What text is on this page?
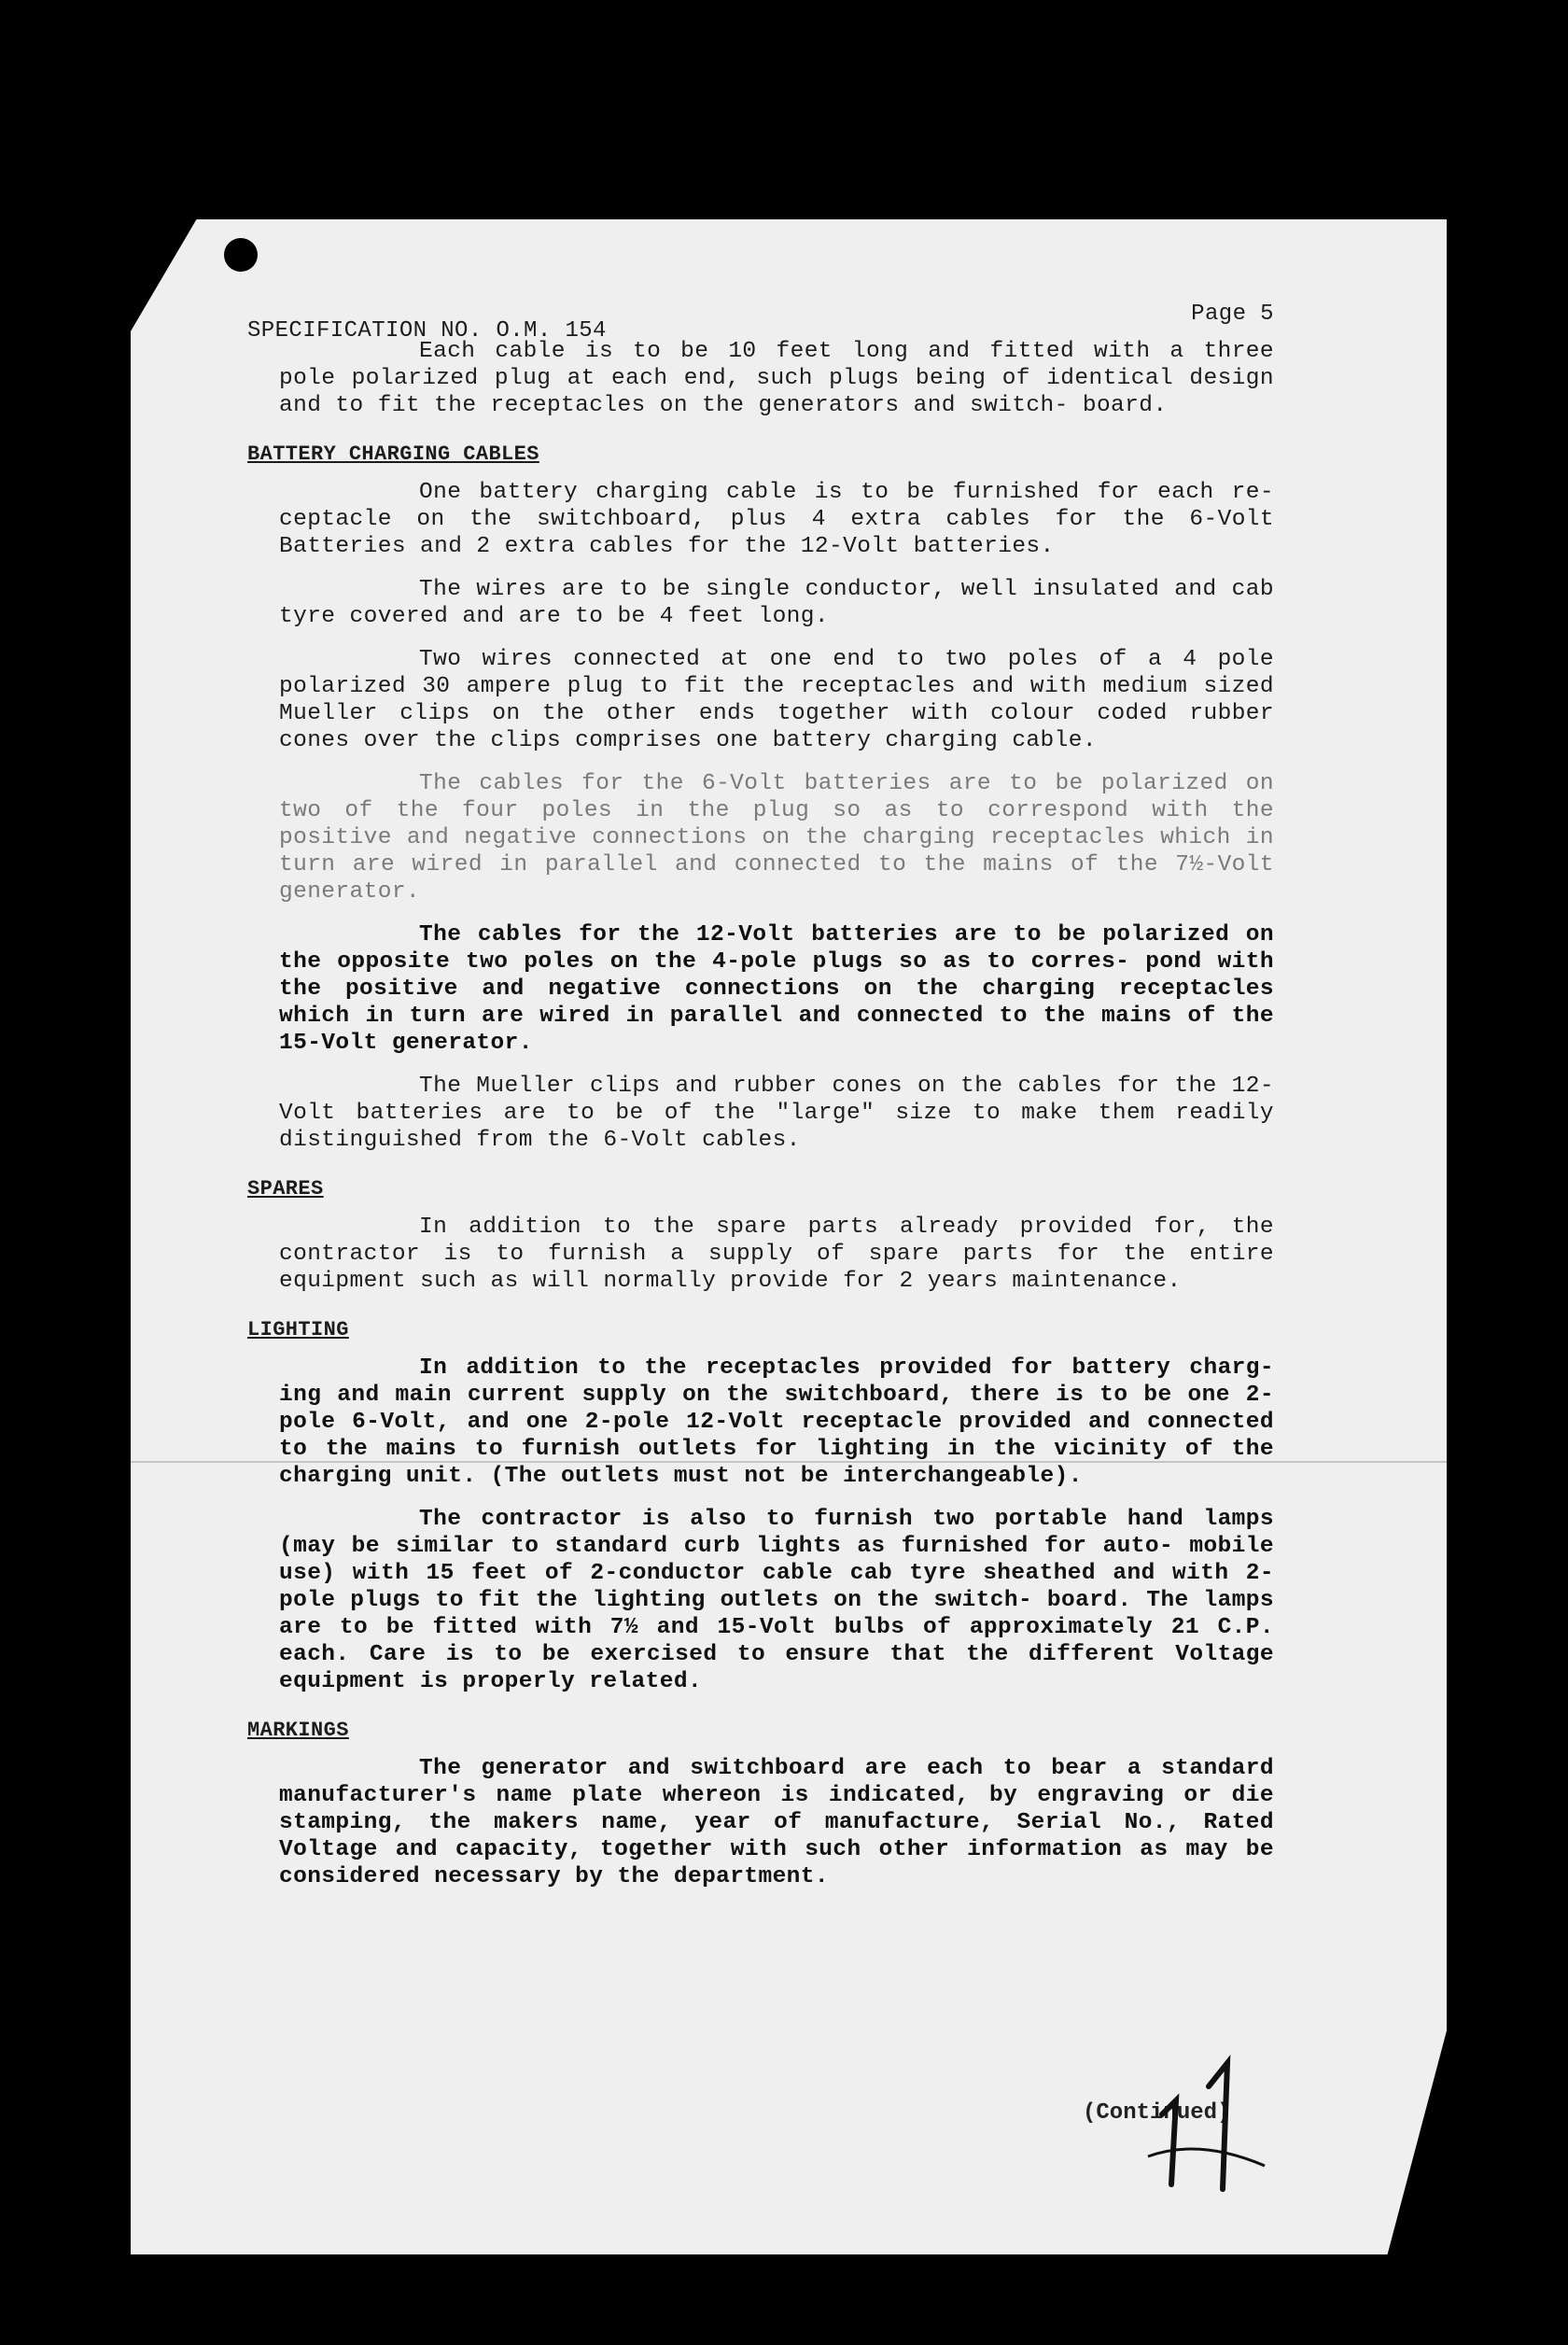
SPECIFICATION NO. O.M. 154
Page 5

Each cable is to be 10 feet long and fitted with a three pole polarized plug at each end, such plugs being of identical design and to fit the receptacles on the generators and switch- board.

BATTERY CHARGING CABLES

One battery charging cable is to be furnished for each re- ceptacle on the switchboard, plus 4 extra cables for the 6-Volt Batteries and 2 extra cables for the 12-Volt batteries.

The wires are to be single conductor, well insulated and cab tyre covered and are to be 4 feet long.

Two wires connected at one end to two poles of a 4 pole polarized 30 ampere plug to fit the receptacles and with medium sized Mueller clips on the other ends together with colour coded rubber cones over the clips comprises one battery charging cable.

The cables for the 6-Volt batteries are to be polarized on two of the four poles in the plug so as to correspond with the positive and negative connections on the charging receptacles which in turn are wired in parallel and connected to the mains of the 7½-Volt generator.

The cables for the 12-Volt batteries are to be polarized on the opposite two poles on the 4-pole plugs so as to corres- pond with the positive and negative connections on the charging receptacles which in turn are wired in parallel and connected to the mains of the 15-Volt generator.

The Mueller clips and rubber cones on the cables for the 12-Volt batteries are to be of the "large" size to make them readily distinguished from the 6-Volt cables.

SPARES

In addition to the spare parts already provided for, the contractor is to furnish a supply of spare parts for the entire equipment such as will normally provide for 2 years maintenance.

LIGHTING

In addition to the receptacles provided for battery charg- ing and main current supply on the switchboard, there is to be one 2-pole 6-Volt, and one 2-pole 12-Volt receptacle provided and connected to the mains to furnish outlets for lighting in the vicinity of the charging unit. (The outlets must not be interchangeable).

The contractor is also to furnish two portable hand lamps (may be similar to standard curb lights as furnished for auto- mobile use) with 15 feet of 2-conductor cable cab tyre sheathed and with 2-pole plugs to fit the lighting outlets on the switch- board. The lamps are to be fitted with 7½ and 15-Volt bulbs of approximately 21 C.P. each. Care is to be exercised to ensure that the different Voltage equipment is properly related.

MARKINGS

The generator and switchboard are each to bear a standard manufacturer's name plate whereon is indicated, by engraving or die stamping, the makers name, year of manufacture, Serial No., Rated Voltage and capacity, together with such other information as may be considered necessary by the department.

(Continued)
